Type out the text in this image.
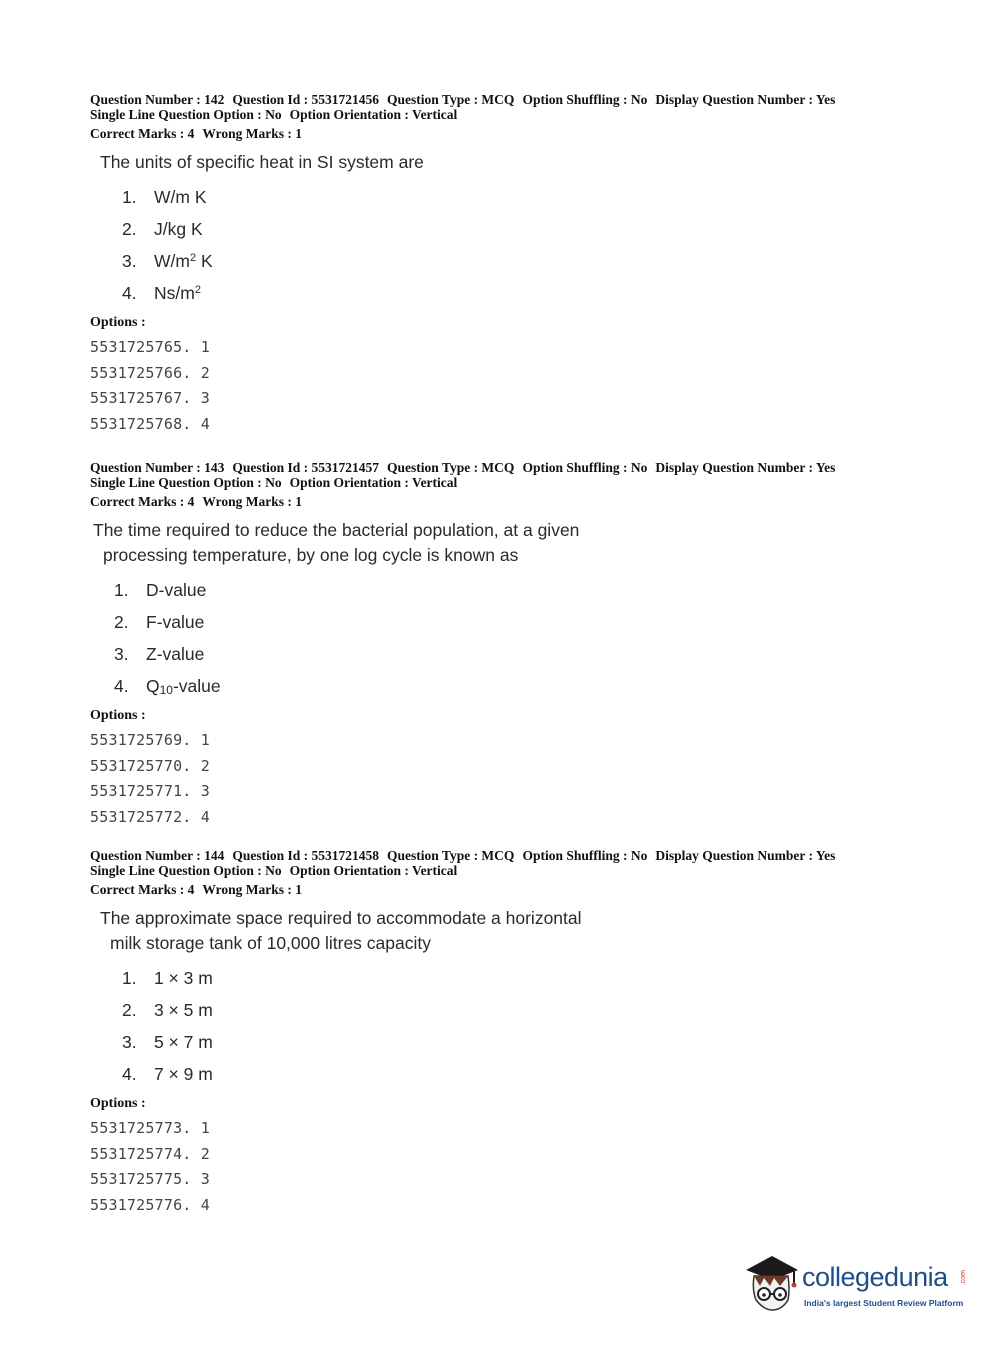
Question Number : 142 Question Id : 5531721456 Question Type : MCQ Option Shuffling : No Display Question Number : Yes
Single Line Question Option : No Option Orientation : Vertical
Correct Marks : 4 Wrong Marks : 1
The units of specific heat in SI system are
1. W/m K
2. J/kg K
3. $W/m^2$ K
4. $Ns/m^2$
Options :
5531725765. 1
5531725766. 2
5531725767. 3
5531725768. 4
Question Number : 143 Question Id : 5531721457 Question Type : MCQ Option Shuffling : No Display Question Number : Yes
Single Line Question Option : No Option Orientation : Vertical
Correct Marks : 4 Wrong Marks : 1
The time required to reduce the bacterial population, at a given
processing temperature, by one log cycle is known as
1. D-value
2. F-value
3. Z-value
4. $Q_{10}$-value
Options :
5531725769. 1
5531725770. 2
5531725771. 3
5531725772. 4
Question Number : 144 Question Id : 5531721458 Question Type : MCQ Option Shuffling : No Display Question Number : Yes
Single Line Question Option : No Option Orientation : Vertical
Correct Marks : 4 Wrong Marks : 1
The approximate space required to accommodate a horizontal
milk storage tank of 10,000 litres capacity
1. 1 × 3 m
2. 3 × 5 m
3. 5 × 7 m
4. 7 × 9 m
Options :
5531725773. 1
5531725774. 2
5531725775. 3
5531725776. 4
collegedunia .com
India's largest Student Review Platform
